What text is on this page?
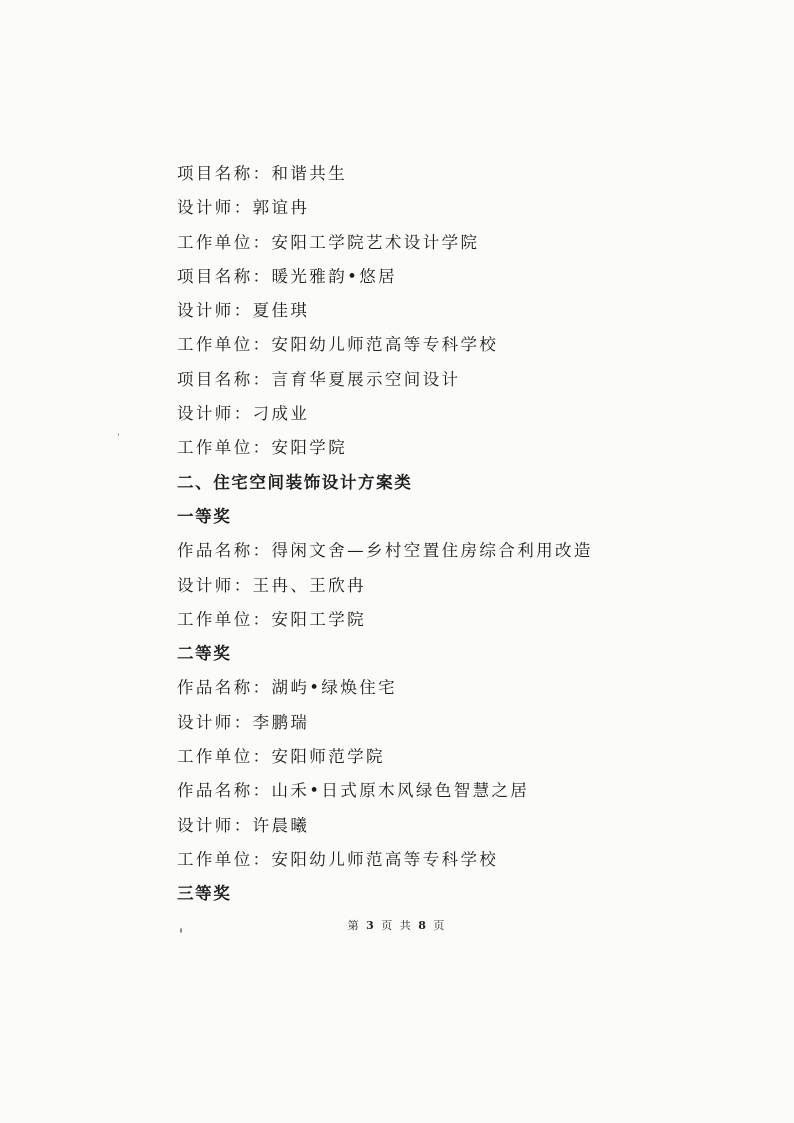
项目名称：和谐共生
设计师：郭谊冉
工作单位：安阳工学院艺术设计学院
项目名称：暖光雅韵•悠居
设计师：夏佳琪
工作单位：安阳幼儿师范高等专科学校
项目名称：言育华夏展示空间设计
设计师：刁成业
工作单位：安阳学院
二、住宅空间装饰设计方案类
一等奖
作品名称：得闲文舍—乡村空置住房综合利用改造
设计师：王冉、王欣冉
工作单位：安阳工学院
二等奖
作品名称：湖屿•绿焕住宅
设计师：李鹏瑞
工作单位：安阳师范学院
作品名称：山禾•日式原木风绿色智慧之居
设计师：许晨曦
工作单位：安阳幼儿师范高等专科学校
三等奖
第 3 页 共 8 页
